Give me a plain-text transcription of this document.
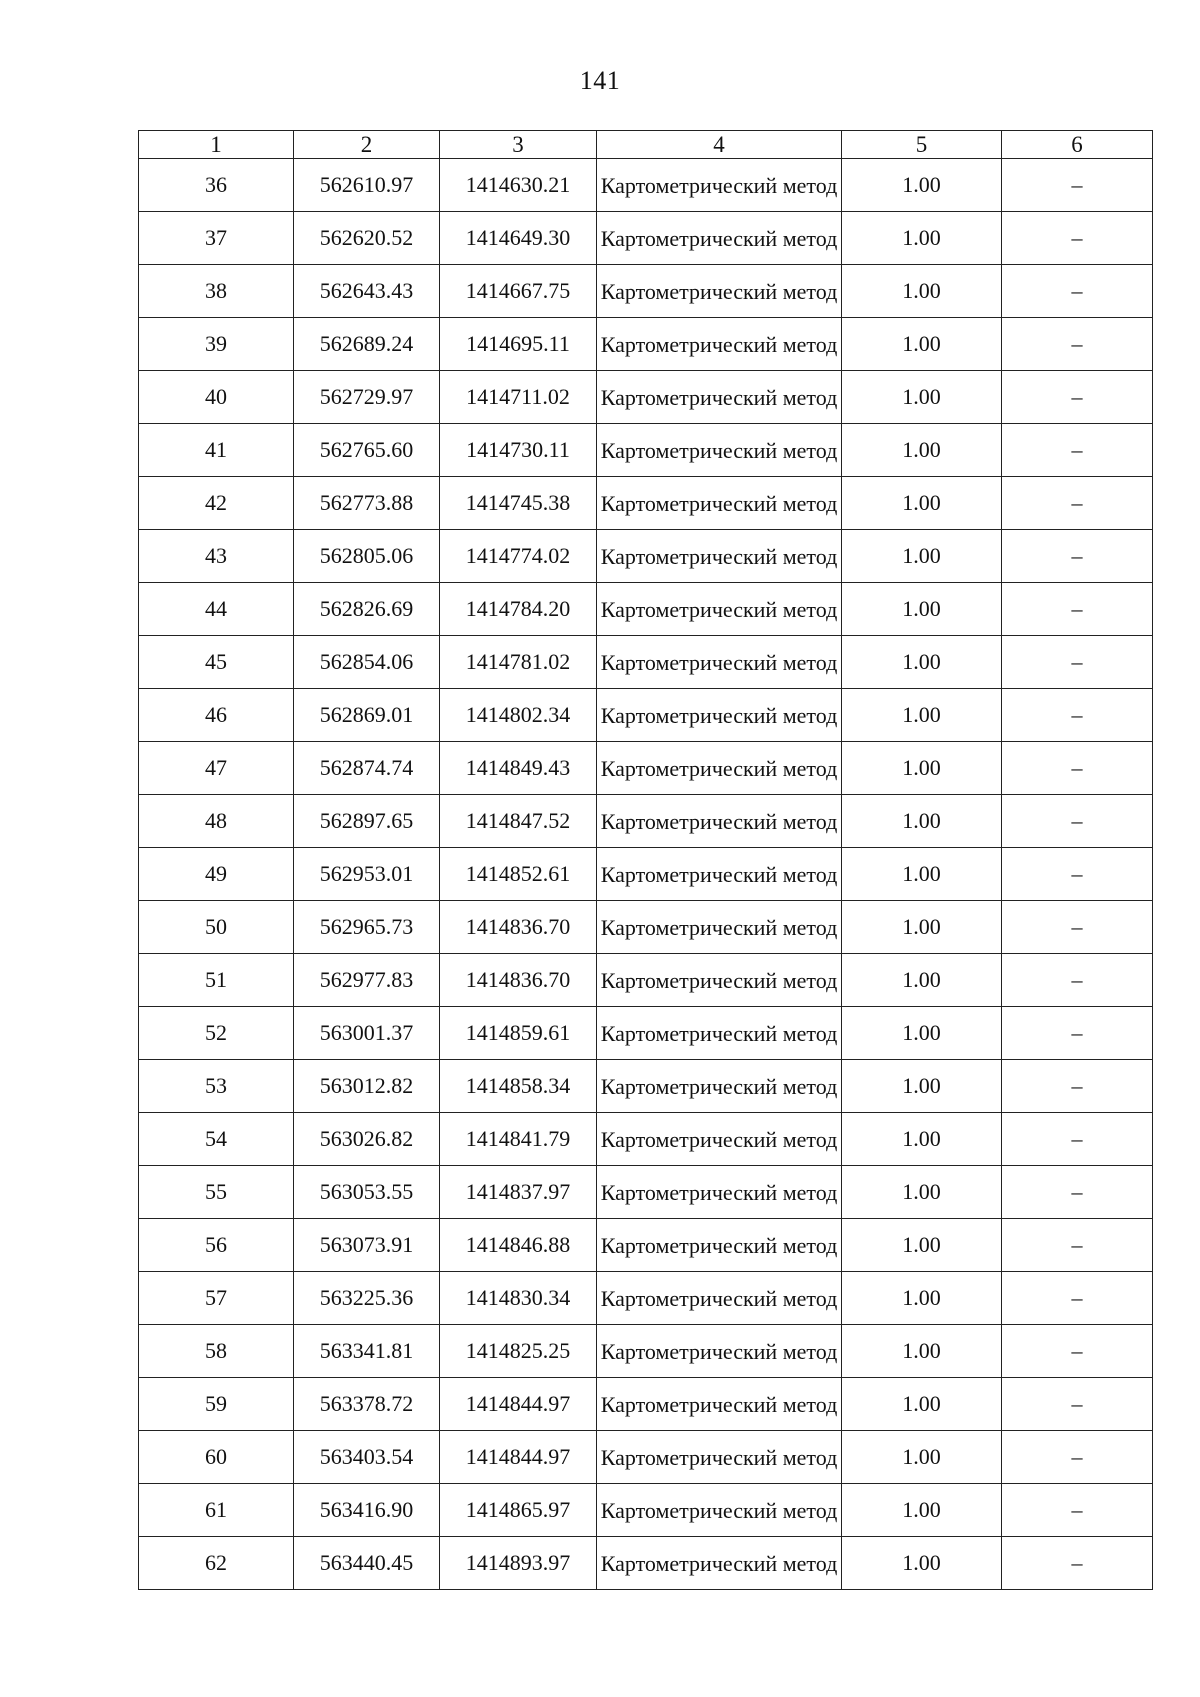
141
1	2	3	4	5	6
36	562610.97	1414630.21	Картометрический метод	1.00	–
37	562620.52	1414649.30	Картометрический метод	1.00	–
38	562643.43	1414667.75	Картометрический метод	1.00	–
39	562689.24	1414695.11	Картометрический метод	1.00	–
40	562729.97	1414711.02	Картометрический метод	1.00	–
41	562765.60	1414730.11	Картометрический метод	1.00	–
42	562773.88	1414745.38	Картометрический метод	1.00	–
43	562805.06	1414774.02	Картометрический метод	1.00	–
44	562826.69	1414784.20	Картометрический метод	1.00	–
45	562854.06	1414781.02	Картометрический метод	1.00	–
46	562869.01	1414802.34	Картометрический метод	1.00	–
47	562874.74	1414849.43	Картометрический метод	1.00	–
48	562897.65	1414847.52	Картометрический метод	1.00	–
49	562953.01	1414852.61	Картометрический метод	1.00	–
50	562965.73	1414836.70	Картометрический метод	1.00	–
51	562977.83	1414836.70	Картометрический метод	1.00	–
52	563001.37	1414859.61	Картометрический метод	1.00	–
53	563012.82	1414858.34	Картометрический метод	1.00	–
54	563026.82	1414841.79	Картометрический метод	1.00	–
55	563053.55	1414837.97	Картометрический метод	1.00	–
56	563073.91	1414846.88	Картометрический метод	1.00	–
57	563225.36	1414830.34	Картометрический метод	1.00	–
58	563341.81	1414825.25	Картометрический метод	1.00	–
59	563378.72	1414844.97	Картометрический метод	1.00	–
60	563403.54	1414844.97	Картометрический метод	1.00	–
61	563416.90	1414865.97	Картометрический метод	1.00	–
62	563440.45	1414893.97	Картометрический метод	1.00	–
